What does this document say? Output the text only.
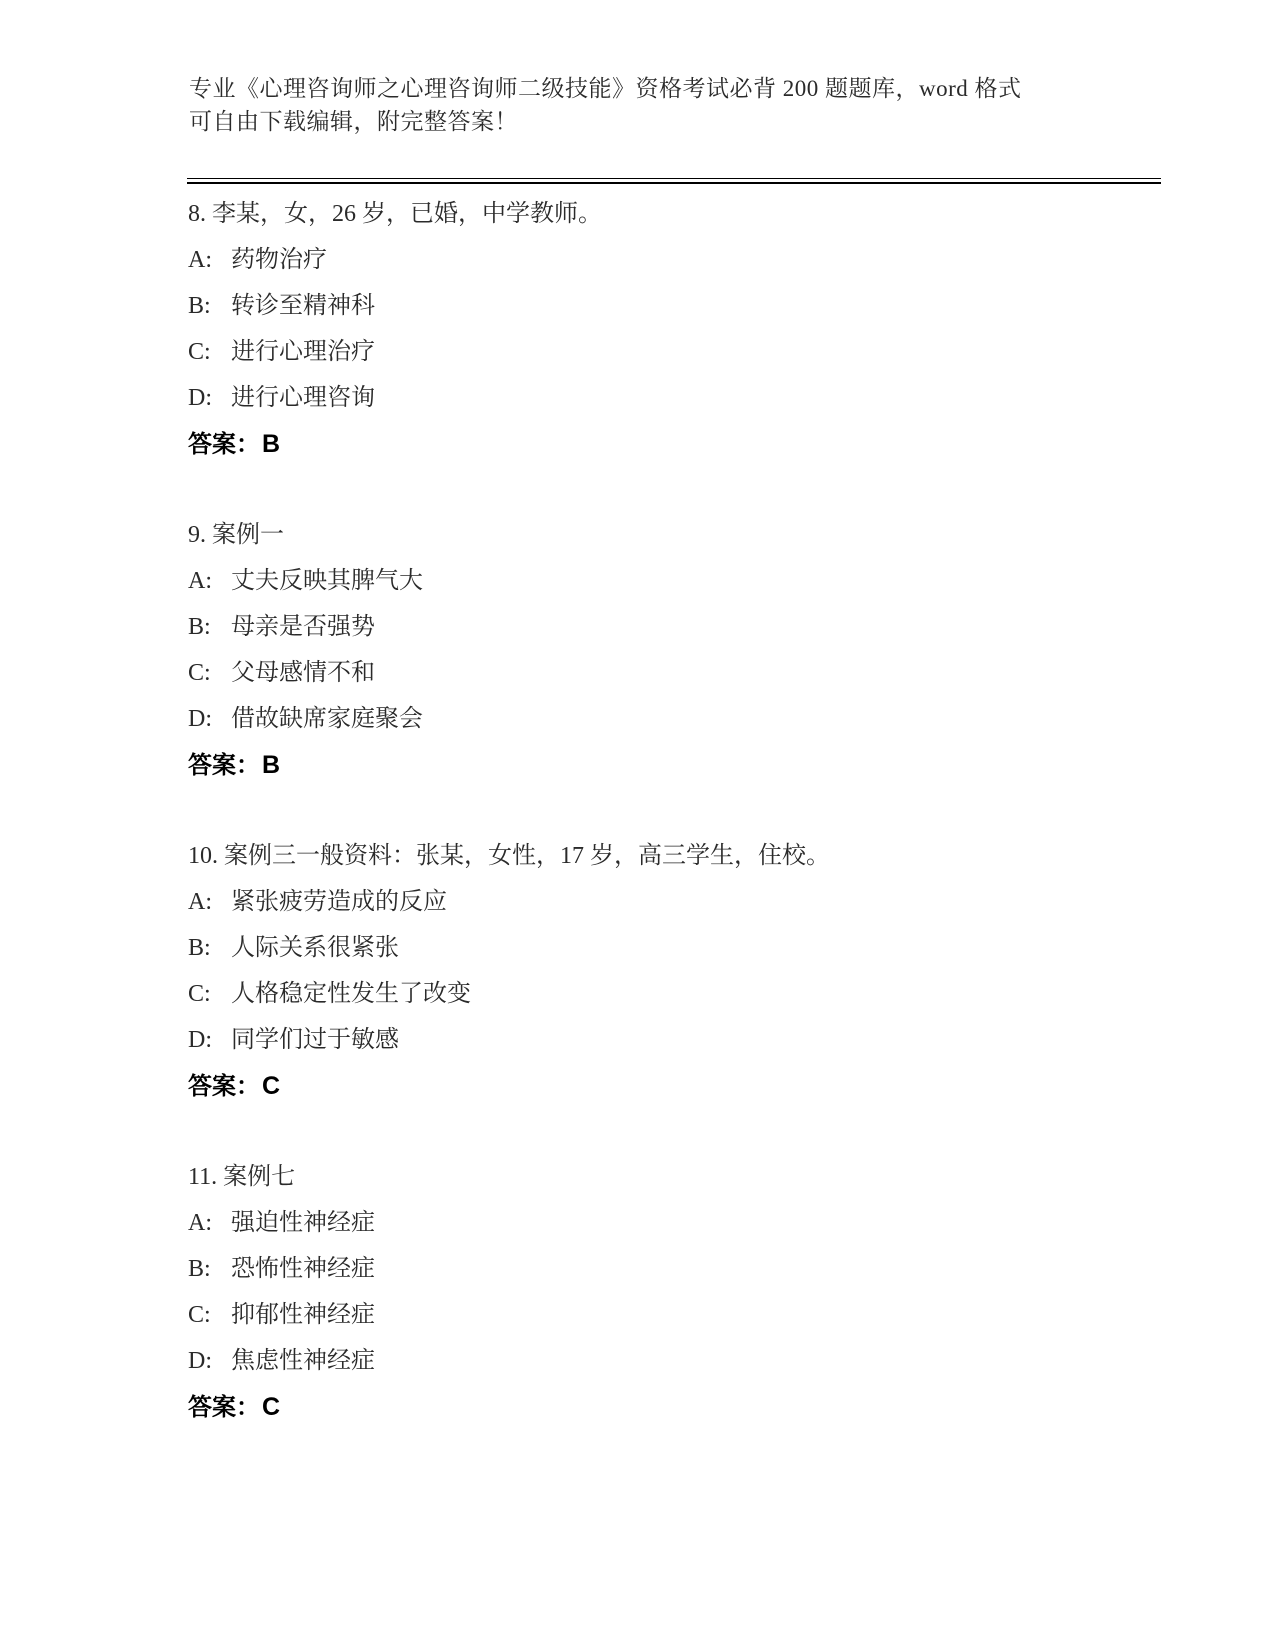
专业《心理咨询师之心理咨询师二级技能》资格考试必背 200 题题库，word 格式
可自由下载编辑，附完整答案！
8. 李某，女，26 岁，已婚，中学教师。
A: 药物治疗
B: 转诊至精神科
C: 进行心理治疗
D: 进行心理咨询
答案：B
9. 案例一
A: 丈夫反映其脾气大
B: 母亲是否强势
C: 父母感情不和
D: 借故缺席家庭聚会
答案：B
10. 案例三一般资料：张某，女性，17 岁，高三学生，住校。
A: 紧张疲劳造成的反应
B: 人际关系很紧张
C: 人格稳定性发生了改变
D: 同学们过于敏感
答案：C
11. 案例七
A: 强迫性神经症
B: 恐怖性神经症
C: 抑郁性神经症
D: 焦虑性神经症
答案：C
